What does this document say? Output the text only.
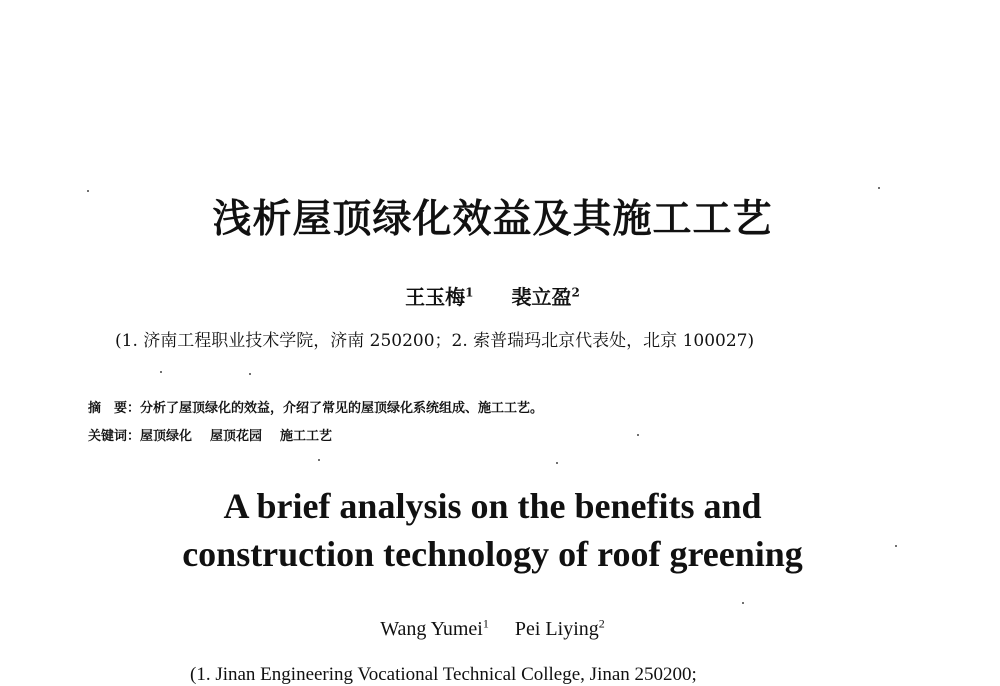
浅析屋顶绿化效益及其施工工艺
王玉梅$^1$ 裴立盈$^2$
(1. 济南工程职业技术学院，济南 250200；2. 索普瑞玛北京代表处，北京 100027)
摘　要：分析了屋顶绿化的效益，介绍了常见的屋顶绿化系统组成、施工工艺。
关键词：屋顶绿化 屋顶花园 施工工艺
A brief analysis on the benefits and
construction technology of roof greening
Wang Yumei$^1$ Pei Liying$^2$
(1. Jinan Engineering Vocational Technical College, Jinan 250200;
